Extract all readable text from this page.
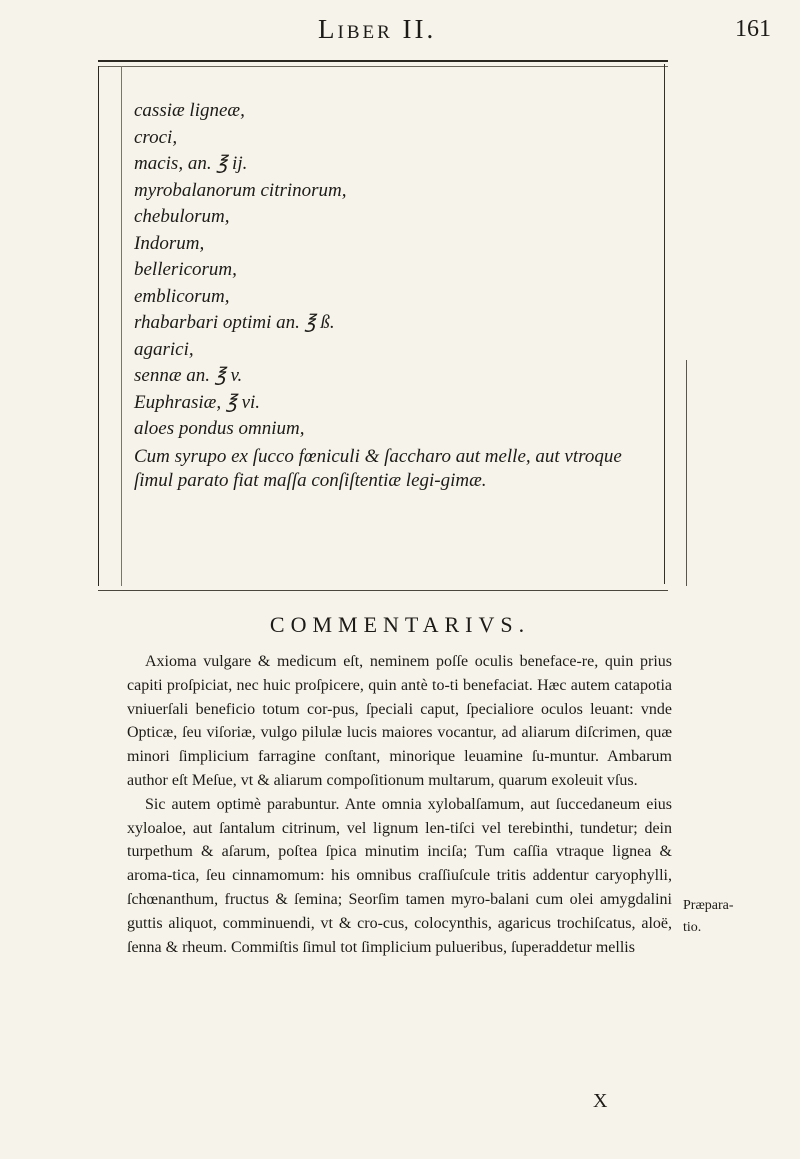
Liber II.	161
cassiæ ligneæ,
croci,
macis, an. ℥ ij.
myrobalanorum citrinorum,
chebulorum,
Indorum,
bellericorum,
emblicorum,
rhabarbari optimi an. ℥ ß.
agarici,
sennæ an. ℥ v.
Euphrasiæ, ℥ vi.
aloes pondus omnium,
Cum syrupo ex ſucco fœniculi & ſaccharo aut melle, aut vtroque ſimul parato fiat maſſa conſiſtentiæ legi-gimæ.
COMMENTARIVS.

Axioma vulgare & medicum eſt, neminem poſſe oculis beneface-re, quin prius capiti proſpiciat, nec huic proſpicere, quin antè to-ti benefaciat. Hæc autem catapotia vniuerſali beneficio totum cor-pus, ſpeciali caput, ſpecialiore oculos leuant: vnde Opticæ, ſeu viſoriæ, vulgo pilulæ lucis maiores vocantur, ad aliarum diſcrimen, quæ minori ſimplicium farragine conſtant, minorique leuamine ſu-muntur. Ambarum author eſt Meſue, vt & aliarum compoſitionum multarum, quarum exoleuit vſus.

Sic autem optimè parabuntur. Ante omnia xylobalſamum, aut ſuccedaneum eius xyloaloe, aut ſantalum citrinum, vel lignum len-tiſci vel terebinthi, tundetur; dein turpethum & aſarum, poſtea ſpica minutim inciſa; Tum caſſia vtraque lignea & aroma-tica, ſeu cinnamomum: his omnibus craſſiuſcule tritis addentur caryophylli, ſchœnanthum, fructus & ſemina; Seorſim tamen myro-balani cum olei amygdalini guttis aliquot, comminuendi, vt & cro-cus, colocynthis, agaricus trochiſcatus, aloë, ſenna & rheum. Commiſtis ſimul tot ſimplicium pulueribus, ſuperaddetur mellis

Præpara-tio.
X
